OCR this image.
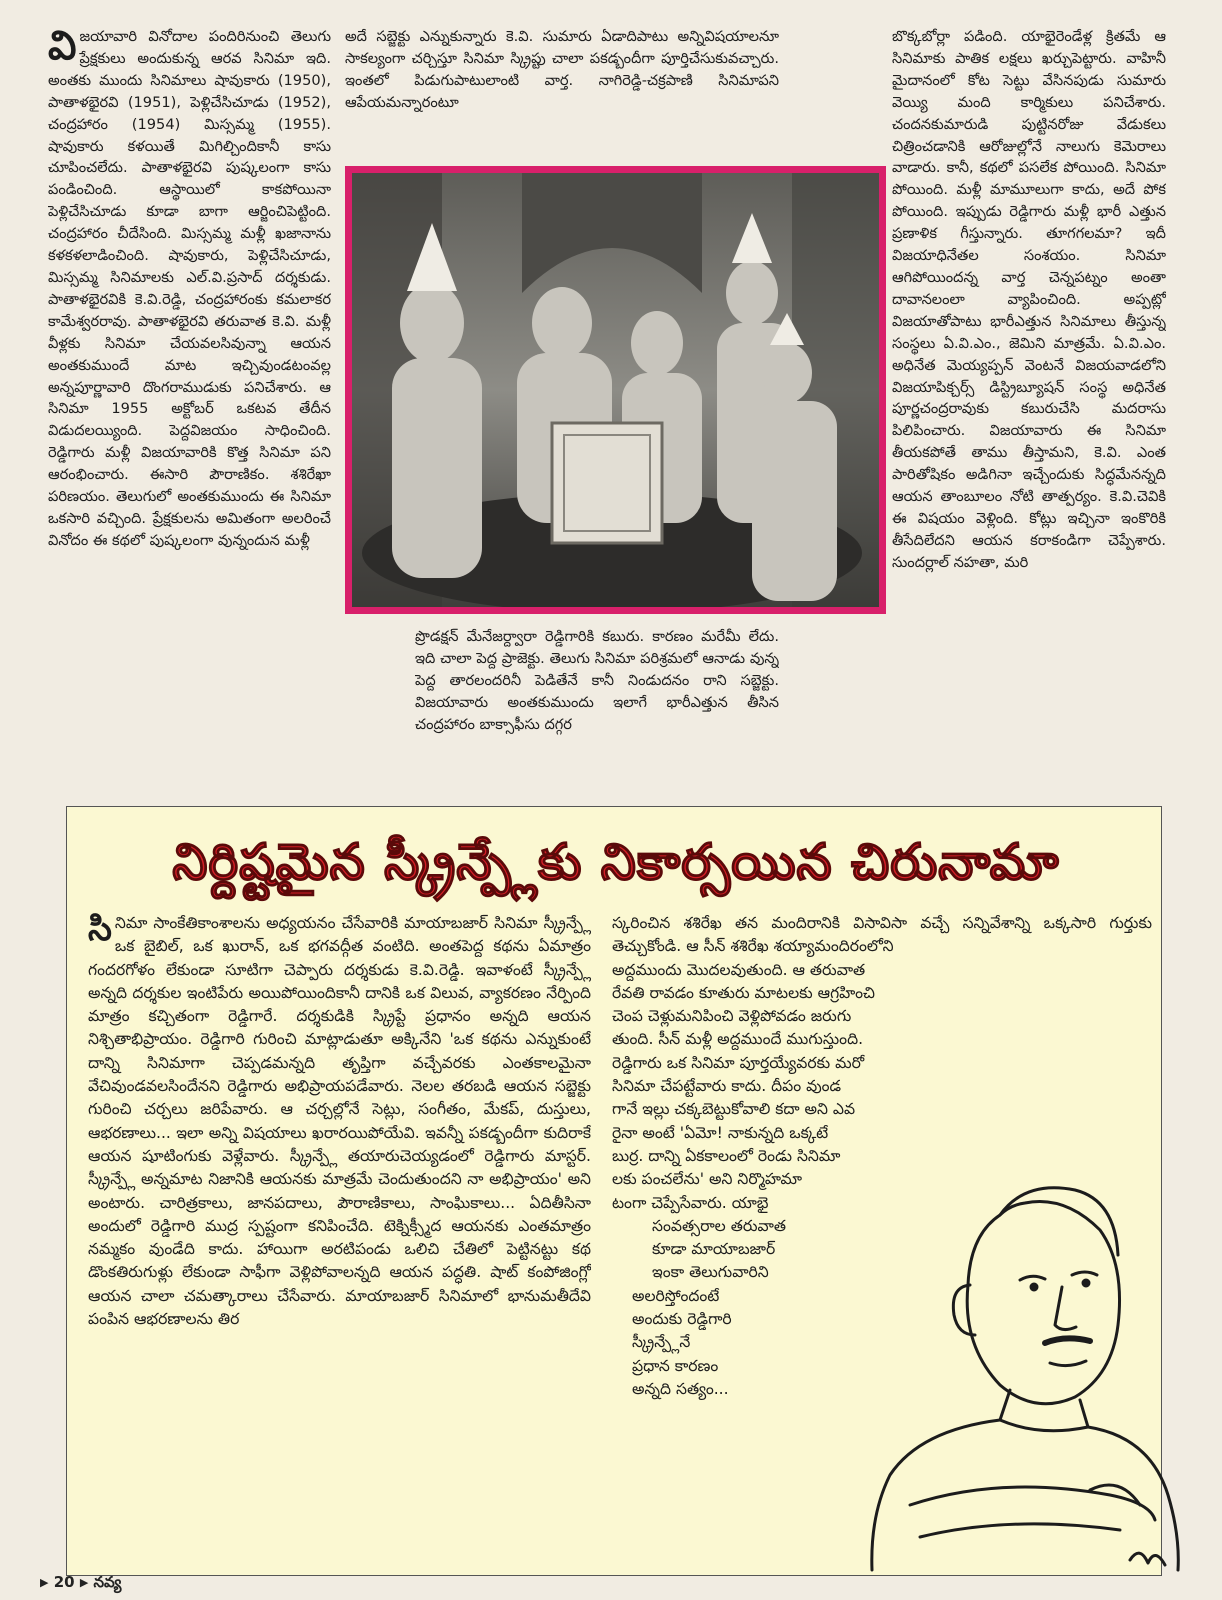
వి జయావారి వినోదాల పందిరినుంచి తెలుగు ప్రేక్షకులు అందుకున్న ఆరవ సినిమా ఇది. అంతకు ముందు సినిమాలు షావుకారు (1950), పాతాళభైరవి (1951), పెళ్లిచేసిచూడు (1952), చంద్రహారం (1954) మిస్సమ్మ (1955). షావుకారు కళయితే మిగిల్చిందికానీ కాసు చూపించలేదు. పాతాళభైరవి పుష్కలంగా కాసు పండించింది. ఆస్థాయిలో కాకపోయినా పెళ్లిచేసిచూడు కూడా బాగా ఆర్జించిపెట్టింది. చంద్రహారం చీదేసింది. మిస్సమ్మ మళ్లీ ఖజానాను కళకళలాడించింది. షావుకారు, పెళ్లిచేసిచూడు, మిస్సమ్మ సినిమాలకు ఎల్.వి.ప్రసాద్ దర్శకుడు. పాతాళభైరవికి కె.వి.రెడ్డి, చంద్రహారంకు కమలాకర కామేశ్వరరావు. పాతాళభైరవి తరువాత కె.వి. మళ్లీ వీళ్లకు సినిమా చేయవలసివున్నా ఆయన అంతకుముందే మాట ఇచ్చివుండటంవల్ల అన్నపూర్ణావారి దొంగరాముడుకు పనిచేశారు. ఆ సినిమా 1955 అక్టోబర్ ఒకటవ తేదీన విడుదలయ్యింది. పెద్దవిజయం సాధించింది. రెడ్డిగారు మళ్లీ విజయావారికి కొత్త సినిమా పని ఆరంభించారు. ఈసారి పౌరాణికం. శశిరేఖా పరిణయం. తెలుగులో అంతకుముందు ఈ సినిమా ఒకసారి వచ్చింది. ప్రేక్షకులను అమితంగా అలరించే వినోదం ఈ కథలో పుష్కలంగా వున్నందున మళ్లీ

అదే సబ్జెక్టు ఎన్నుకున్నారు కె.వి. సుమారు ఏడాదిపాటు అన్నివిషయాలనూ సాకల్యంగా చర్చిస్తూ సినిమా స్క్రిప్టు చాలా పకడ్బందీగా పూర్తిచేసుకువచ్చారు. ఇంతలో పిడుగుపాటులాంటి వార్త. నాగిరెడ్డి-చక్రపాణి సినిమాపని ఆపేయమన్నారంటూ

ప్రొడక్షన్ మేనేజర్ద్వారా రెడ్డిగారికి కబురు. కారణం మరేమీ లేదు. ఇది చాలా పెద్ద ప్రాజెక్టు. తెలుగు సినిమా పరిశ్రమలో ఆనాడు వున్న పెద్ద తారలందరినీ పెడితేనే కానీ నిండుదనం రాని సబ్జెక్టు. విజయావారు అంతకుముందు ఇలాగే భారీఎత్తున తీసిన చంద్రహారం బాక్సాఫీసు దగ్గర

బొక్కబోర్లా పడింది. యాభైరెండేళ్ల క్రితమే ఆ సినిమాకు పాతిక లక్షలు ఖర్చుపెట్టారు. వాహినీ మైదానంలో కోట సెట్టు వేసినపుడు సుమారు వెయ్యి మంది కార్మికులు పనిచేశారు. చందనకుమారుడి పుట్టినరోజు వేడుకలు చిత్రించడానికి ఆరోజుల్లోనే నాలుగు కెమెరాలు వాడారు. కానీ, కథలో పసలేక పోయింది. సినిమా పోయింది. మళ్లీ మామూలుగా కాదు, అదే పోక పోయింది. ఇప్పుడు రెడ్డిగారు మళ్లీ భారీ ఎత్తున ప్రణాళిక గీస్తున్నారు. తూగగలమా? ఇదీ విజయాధినేతల సంశయం. సినిమా ఆగిపోయిందన్న వార్త చెన్నపట్నం అంతా దావానలంలా వ్యాపించింది. అప్పట్లో విజయాతోపాటు భారీఎత్తున సినిమాలు తీస్తున్న సంస్థలు ఏ.వి.ఎం., జెమిని మాత్రమే. ఏ.వి.ఎం. అధినేత మెయ్యప్పన్ వెంటనే విజయవాడలోని విజయాపిక్చర్స్ డిస్ట్రిబ్యూషన్ సంస్థ అధినేత పూర్ణచంద్రరావుకు కబురుచేసి మదరాసు పిలిపించారు. విజయావారు ఈ సినిమా తీయకపోతే తాము తీస్తామని, కె.వి. ఎంత పారితోషికం అడిగినా ఇచ్చేందుకు సిద్ధమేనన్నది ఆయన తాంబూలం నోటి తాత్పర్యం. కె.వి.చెవికి ఈ విషయం వెళ్లింది. కోట్లు ఇచ్చినా ఇంకొరికి తీసేదిలేదని ఆయన కరాకండిగా చెప్పేశారు. సుందర్లాల్ నహతా, మరి

నిర్దిష్టమైన స్క్రీన్ప్లేకు నికార్సయిన చిరునామా
సి నిమా సాంకేతికాంశాలను అధ్యయనం చేసేవారికి మాయాబజార్ సినిమా స్క్రీన్ప్లే ఒక బైబిల్, ఒక ఖురాన్, ఒక భగవద్గీత వంటిది. అంతపెద్ద కథను ఏమాత్రం గందరగోళం లేకుండా సూటిగా చెప్పారు దర్శకుడు కె.వి.రెడ్డి. ఇవాళంటే స్క్రీన్ప్లే అన్నది దర్శకుల ఇంటిపేరు అయిపోయిందికానీ దానికి ఒక విలువ, వ్యాకరణం నేర్పింది మాత్రం కచ్చితంగా రెడ్డిగారే. దర్శకుడికి స్క్రిప్టే ప్రధానం అన్నది ఆయన నిశ్చితాభిప్రాయం. రెడ్డిగారి గురించి మాట్లాడుతూ అక్కినేని 'ఒక కథను ఎన్నుకుంటే దాన్ని సినిమాగా చెప్పడమన్నది తృప్తిగా వచ్చేవరకు ఎంతకాలమైనా వేచివుండవలసిందేనని రెడ్డిగారు అభిప్రాయపడేవారు. నెలల తరబడి ఆయన సబ్జెక్టు గురించి చర్చలు జరిపేవారు. ఆ చర్చల్లోనే సెట్లు, సంగీతం, మేకప్, దుస్తులు, ఆభరణాలు... ఇలా అన్ని విషయాలు ఖరారయిపోయేవి. ఇవన్నీ పకడ్బందీగా కుదిరాకే ఆయన షూటింగుకు వెళ్లేవారు. స్క్రీన్ప్లే తయారుచెయ్యడంలో రెడ్డిగారు మాస్టర్. స్క్రీన్ప్లే అన్నమాట నిజానికి ఆయనకు మాత్రమే చెందుతుందని నా అభిప్రాయం' అని అంటారు. చారిత్రకాలు, జానపదాలు, పౌరాణికాలు, సాంఘికాలు... ఏదితీసినా అందులో రెడ్డిగారి ముద్ర స్పష్టంగా కనిపించేది. టెక్నిక్స్మీద ఆయనకు ఎంతమాత్రం నమ్మకం వుండేది కాదు. హాయిగా అరటిపండు ఒలిచి చేతిలో పెట్టినట్టు కథ డొంకతిరుగుళ్లు లేకుండా సాఫీగా వెళ్లిపోవాలన్నది ఆయన పద్ధతి. షాట్ కంపోజింగ్లో ఆయన చాలా చమత్కారాలు చేసేవారు. మాయాబజార్ సినిమాలో భానుమతీదేవి పంపిన ఆభరణాలను తిర

స్కరించిన శశిరేఖ తన మందిరానికి విసావిసా వచ్చే సన్నివేశాన్ని ఒక్కసారి గుర్తుకు తెచ్చుకోండి. ఆ సీన్ శశిరేఖ శయ్యామందిరంలోని

అద్దముందు మొదలవుతుంది. ఆ తరువాత

రేవతి రావడం కూతురు మాటలకు ఆగ్రహించి

చెంప చెళ్లుమనిపించి వెళ్లిపోవడం జరుగు

తుంది. సీన్ మళ్లీ అద్దముందే ముగుస్తుంది.

రెడ్డిగారు ఒక సినిమా పూర్తయ్యేవరకు మరో

సినిమా చేపట్టేవారు కాదు. దీపం వుండ

గానే ఇల్లు చక్కబెట్టుకోవాలి కదా అని ఎవ

రైనా అంటే 'ఏమో! నాకున్నది ఒక్కటే

బుర్ర. దాన్ని ఏకకాలంలో రెండు సినిమా

లకు పంచలేను' అని నిర్మొహమా

టంగా చెప్పేసేవారు. యాభై

సంవత్సరాల తరువాత

కూడా మాయాబజార్

ఇంకా తెలుగువారిని

అలరిస్తోందంటే

అందుకు రెడ్డిగారి

స్క్రీన్ప్లేనే

ప్రధాన కారణం

అన్నది సత్యం...

▶ 20 ▶ నవ్య
